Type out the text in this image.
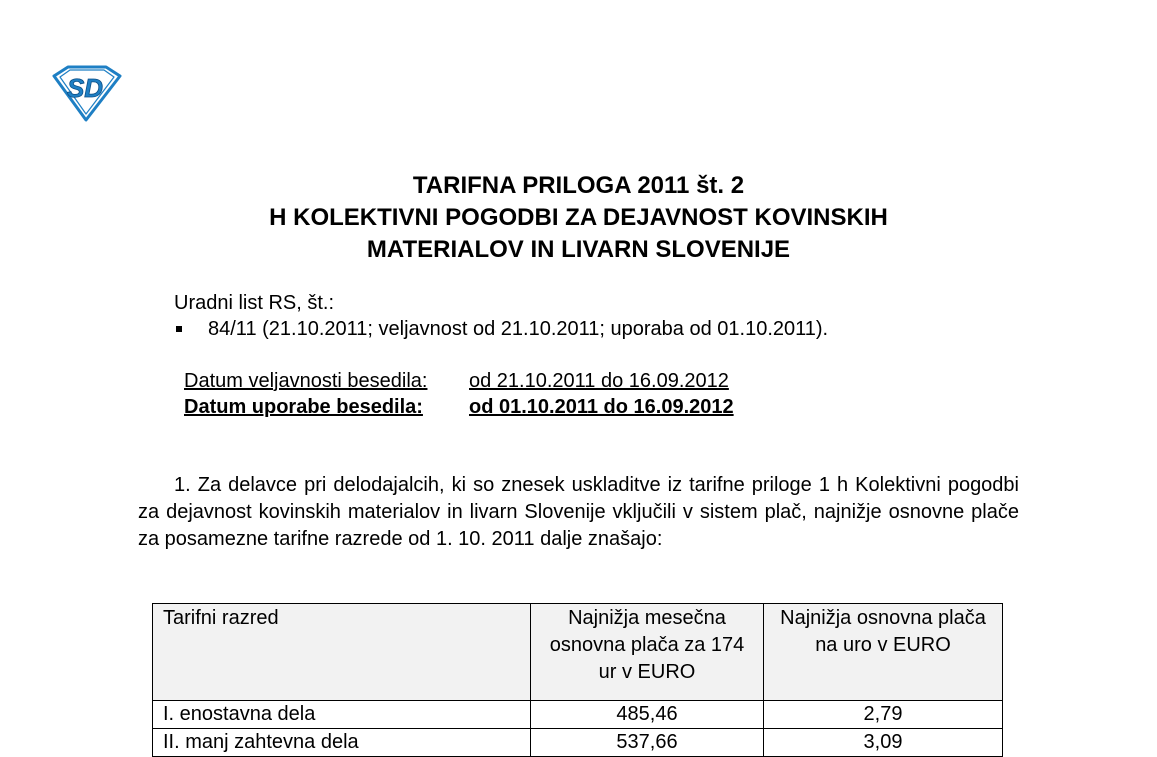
SD
TARIFNA PRILOGA 2011 št. 2
H KOLEKTIVNI POGODBI ZA DEJAVNOST KOVINSKIH
MATERIALOV IN LIVARN SLOVENIJE
Uradni list RS, št.:
84/11 (21.10.2011; veljavnost od 21.10.2011; uporaba od 01.10.2011).
Datum veljavnosti besedila: od 21.10.2011 do 16.09.2012
Datum uporabe besedila: od 01.10.2011 do 16.09.2012
1. Za delavce pri delodajalcih, ki so znesek uskladitve iz tarifne priloge 1 h Kolektivni pogodbi za dejavnost kovinskih materialov in livarn Slovenije vključili v sistem plač, najnižje osnovne plače za posamezne tarifne razrede od 1. 10. 2011 dalje znašajo:
Tarifni razred	Najnižja mesečna osnovna plača za 174 ur v EURO	Najnižja osnovna plača na uro v EURO
I. enostavna dela	485,46	2,79
II. manj zahtevna dela	537,66	3,09
